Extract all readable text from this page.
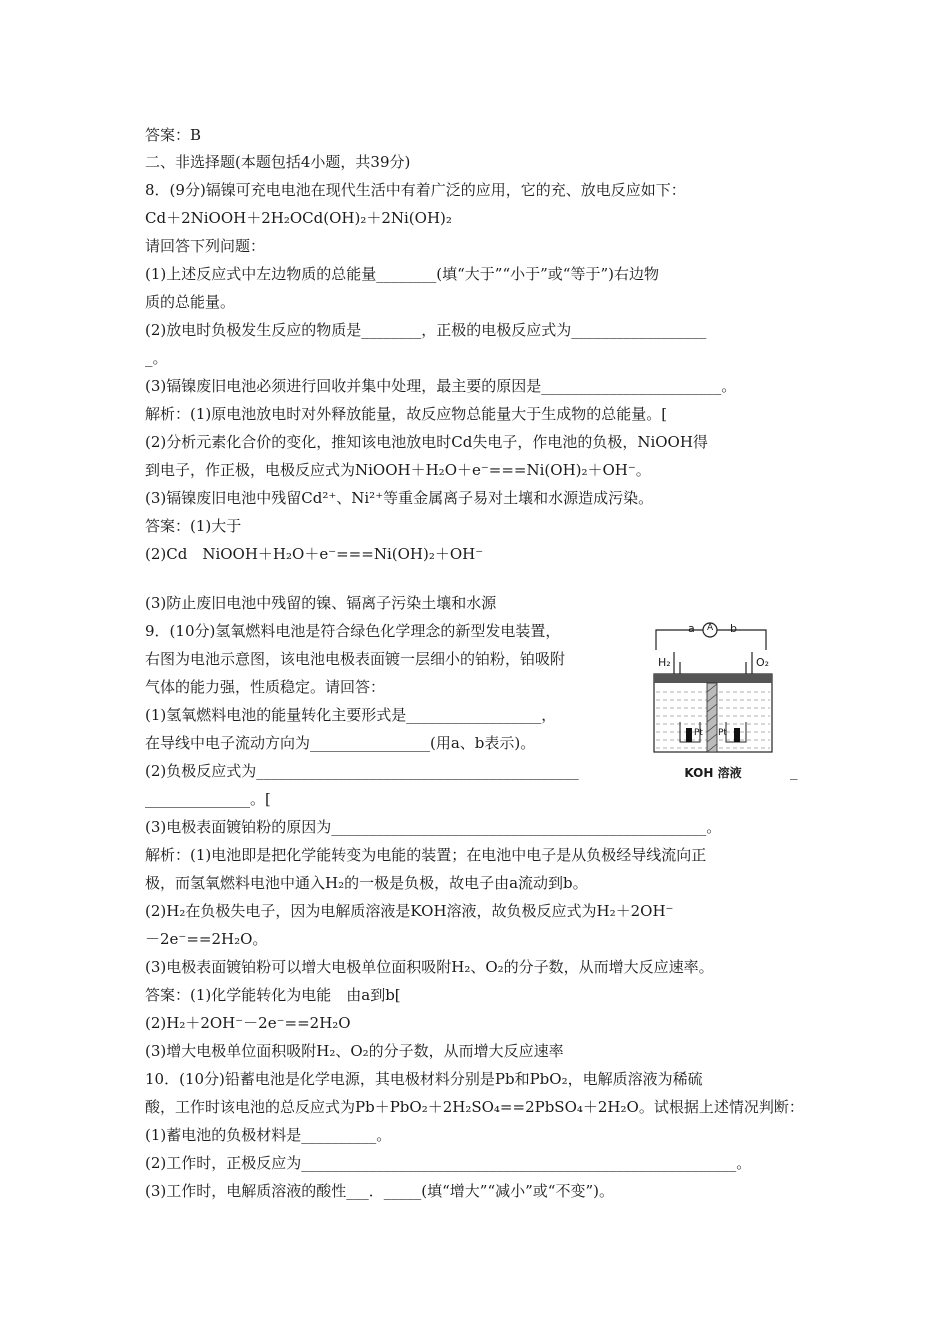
答案：B
二、非选择题(本题包括4小题，共39分)
8．(9分)镉镍可充电电池在现代生活中有着广泛的应用，它的充、放电反应如下：
Cd＋2NiOOH＋2H₂OCd(OH)₂＋2Ni(OH)₂
请回答下列问题：
(1)上述反应式中左边物质的总能量________(填“大于”“小于”或“等于”)右边物
质的总能量。
(2)放电时负极发生反应的物质是________，正极的电极反应式为__________________
_。
(3)镉镍废旧电池必须进行回收并集中处理，最主要的原因是________________________。
解析：(1)原电池放电时对外释放能量，故反应物总能量大于生成物的总能量。[
(2)分析元素化合价的变化，推知该电池放电时Cd失电子，作电池的负极，NiOOH得
到电子，作正极，电极反应式为NiOOH＋H₂O＋e⁻===Ni(OH)₂＋OH⁻。
(3)镉镍废旧电池中残留Cd²⁺、Ni²⁺等重金属离子易对土壤和水源造成污染。
答案：(1)大于
(2)Cd　NiOOH＋H₂O＋e⁻===Ni(OH)₂＋OH⁻
(3)防止废旧电池中残留的镍、镉离子污染土壤和水源
9．(10分)氢氧燃料电池是符合绿色化学理念的新型发电装置，
右图为电池示意图，该电池电极表面镀一层细小的铂粉，铂吸附
气体的能力强，性质稳定。请回答：
(1)氢氧燃料电池的能量转化主要形式是__________________，
在导线中电子流动方向为________________(用a、b表示)。
(2)负极反应式为___________________________________________	_
______________。[
(3)电极表面镀铂粉的原因为__________________________________________________。
解析：(1)电池即是把化学能转变为电能的装置；在电池中电子是从负极经导线流向正
极，而氢氧燃料电池中通入H₂的一极是负极，故电子由a流动到b。
(2)H₂在负极失电子，因为电解质溶液是KOH溶液，故负极反应式为H₂＋2OH⁻
－2e⁻==2H₂O。
(3)电极表面镀铂粉可以增大电极单位面积吸附H₂、O₂的分子数，从而增大反应速率。
答案：(1)化学能转化为电能　由a到b[
(2)H₂＋2OH⁻－2e⁻==2H₂O
(3)增大电极单位面积吸附H₂、O₂的分子数，从而增大反应速率
10．(10分)铅蓄电池是化学电源，其电极材料分别是Pb和PbO₂，电解质溶液为稀硫
酸，工作时该电池的总反应式为Pb＋PbO₂＋2H₂SO₄==2PbSO₄＋2H₂O。试根据上述情况判断：
(1)蓄电池的负极材料是__________。
(2)工作时，正极反应为__________________________________________________________。
(3)工作时，电解质溶液的酸性___．_____(填“增大”“减小”或“不变”)。
a A b
H₂	O₂
Pt Pt
KOH 溶液
